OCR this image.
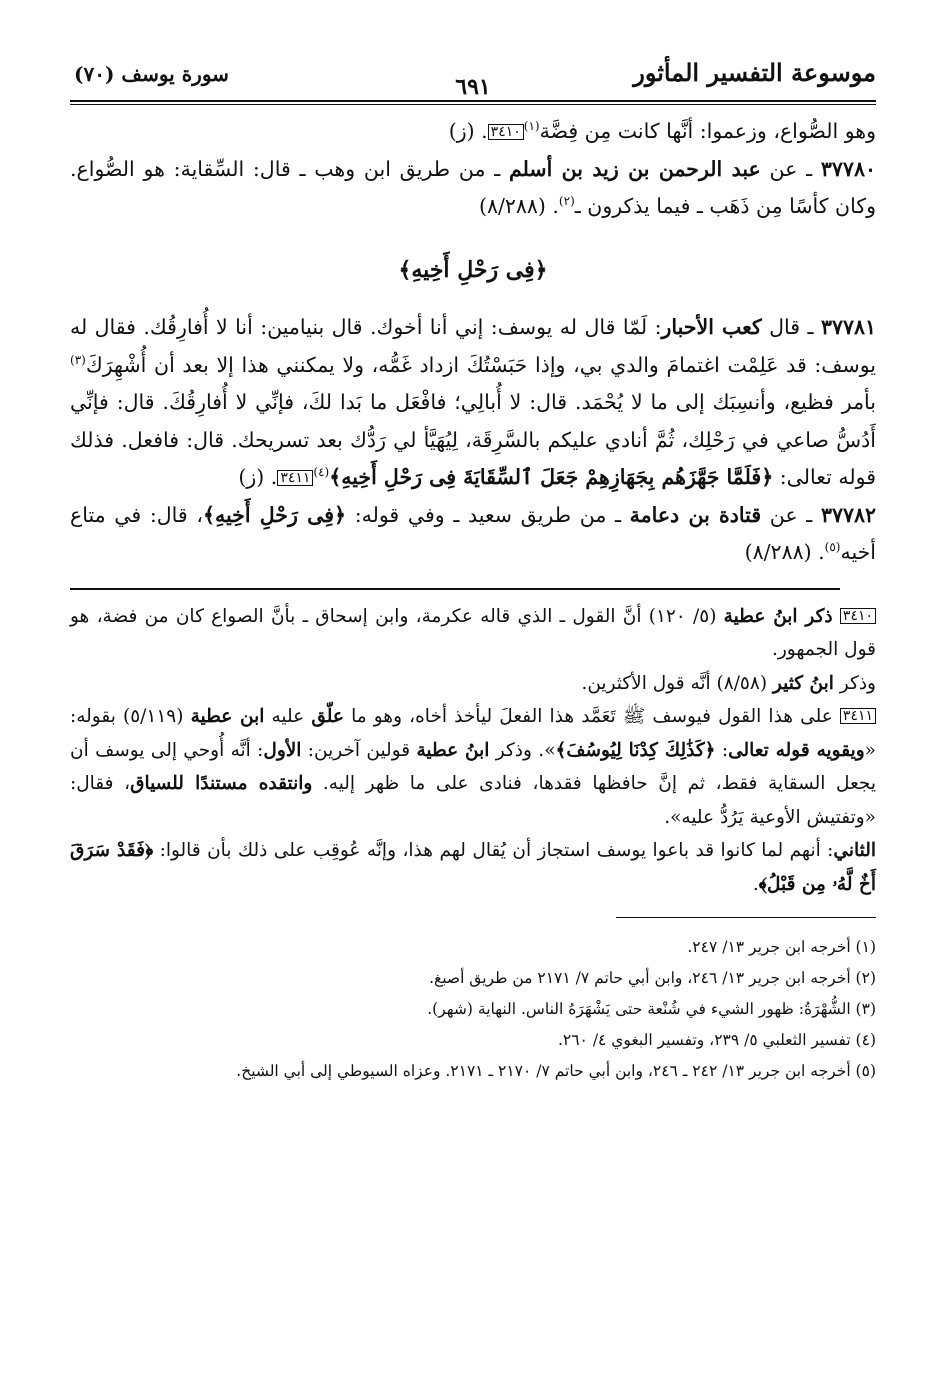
موسوعة التفسير المأثور
سورة يوسف (٧٠)	٦٩١

وهو الصُّواع، وزعموا: أنَّها كانت مِن فِضَّة$^{(١)}$٣٤١٠. (ز)

٣٧٧٨٠ ـ عن عبد الرحمن بن زيد بن أسلم ـ من طريق ابن وهب ـ قال: السِّقاية: هو الصُّواع. وكان كأسًا مِن ذَهَب ـ فيما يذكرون ـ$^{(٢)}$. (٨/٢٨٨)

﴿فِى رَحْلِ أَخِيهِ﴾

٣٧٧٨١ ـ قال كعب الأحبار: لَمّا قال له يوسف: إني أنا أخوك. قال بنيامين: أنا لا أُفارِقُك. فقال له يوسف: قد عَلِمْت اغتمامَ والدي بي، وإذا حَبَسْتُكَ ازداد غَمُّه، ولا يمكنني هذا إلا بعد أن أُشْهِرَكَ$^{(٣)}$ بأمر فظيع، وأنسِبَك إلى ما لا يُحْمَد. قال: لا أُبالِي؛ فافْعَل ما بَدا لكَ، فإنِّي لا أُفارِقُكَ. قال: فإنِّي أَدُسُّ صاعي في رَحْلِك، ثُمَّ أنادي عليكم بالسَّرِقَة، لِيُهَيَّأ لي رَدُّك بعد تسريحك. قال: فافعل. فذلك قوله تعالى: ﴿فَلَمَّا جَهَّزَهُم بِجَهَازِهِمْ جَعَلَ ٱلسِّقَايَةَ فِى رَحْلِ أَخِيهِ﴾$^{(٤)}$٣٤١١. (ز)

٣٧٧٨٢ ـ عن قتادة بن دعامة ـ من طريق سعيد ـ وفي قوله: ﴿فِى رَحْلِ أَخِيهِ﴾، قال: في متاع أخيه$^{(٥)}$. (٨/٢٨٨)

٣٤١٠ ذكر ابنُ عطية (٥/ ١٢٠) أنَّ القول ـ الذي قاله عكرمة، وابن إسحاق ـ بأنَّ الصواع كان من فضة، هو قول الجمهور.

وذكر ابنُ كثير (٨/٥٨) أنَّه قول الأكثرين.

٣٤١١ على هذا القول فيوسف ﷺ تَعَمَّد هذا الفعلَ ليأخذ أخاه، وهو ما علّق عليه ابن عطية (٥/١١٩) بقوله: «ويقويه قوله تعالى: ﴿كَذَٰلِكَ كِدْنَا لِيُوسُفَ﴾». وذكر ابنُ عطية قولين آخرين: الأول: أنَّه أُوحي إلى يوسف أن يجعل السقاية فقط، ثم إنَّ حافظها فقدها، فنادى على ما ظهر إليه. وانتقده مستندًا للسياق، فقال: «وتفتيش الأوعية يَرُدُّ عليه».

الثاني: أنهم لما كانوا قد باعوا يوسف استجاز أن يُقال لهم هذا، وإنَّه عُوقِب على ذلك بأن قالوا: ﴿فَقَدْ سَرَقَ أَخٌ لَّهُۥ مِن قَبْلُ﴾.

(١) أخرجه ابن جرير ١٣/ ٢٤٧.

(٢) أخرجه ابن جرير ١٣/ ٢٤٦، وابن أبي حاتم ٧/ ٢١٧١ من طريق أصبغ.

(٣) الشُّهْرَةُ: ظهور الشيء في شُنْعة حتى يَشْهَرَهُ الناس. النهاية (شهر).

(٤) تفسير الثعلبي ٥/ ٢٣٩، وتفسير البغوي ٤/ ٢٦٠.

(٥) أخرجه ابن جرير ١٣/ ٢٤٢ ـ ٢٤٦، وابن أبي حاتم ٧/ ٢١٧٠ ـ ٢١٧١. وعزاه السيوطي إلى أبي الشيخ.
